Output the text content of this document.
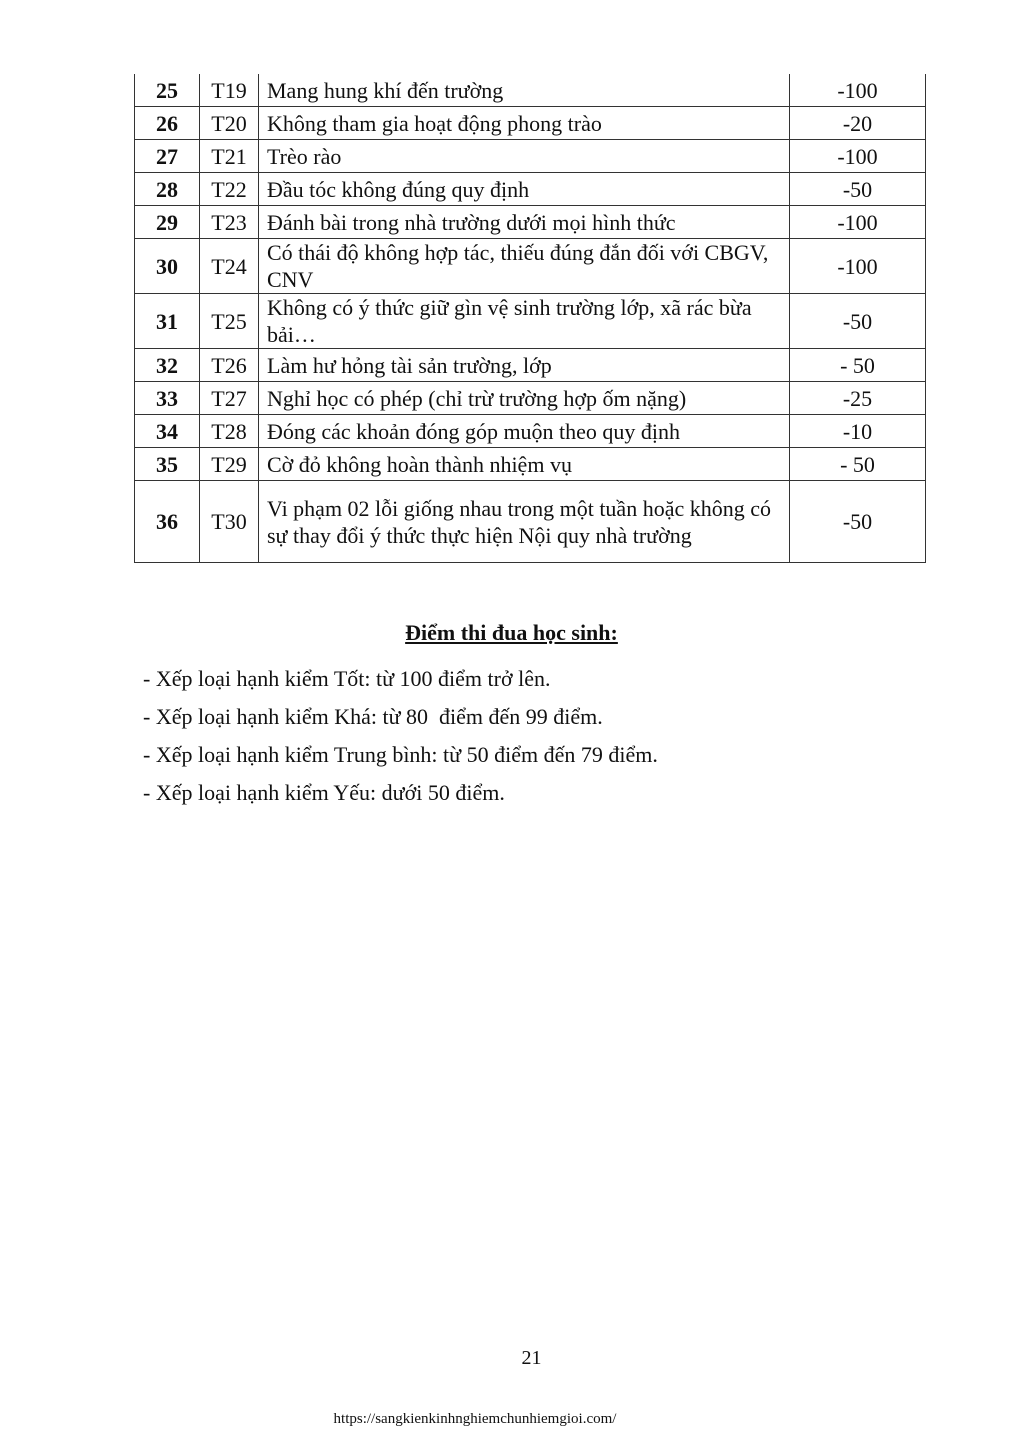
25	T19	Mang hung khí đến trường	-100
26	T20	Không tham gia hoạt động phong trào	-20
27	T21	Trèo rào	-100
28	T22	Đầu tóc không đúng quy định	-50
29	T23	Đánh bài trong nhà trường dưới mọi hình thức	-100
30	T24	Có thái độ không hợp tác, thiếu đúng đắn đối với CBGV, CNV	-100
31	T25	Không có ý thức giữ gìn vệ sinh trường lớp, xã rác bừa bải…	-50
32	T26	Làm hư hỏng tài sản trường, lớp	- 50
33	T27	Nghỉ học có phép (chỉ trừ trường hợp ốm nặng)	-25
34	T28	Đóng các khoản đóng góp muộn theo quy định	-10
35	T29	Cờ đỏ không hoàn thành nhiệm vụ	- 50
36	T30	Vi phạm 02 lỗi giống nhau trong một tuần hoặc không có sự thay đổi ý thức thực hiện Nội quy nhà trường	-50
Điểm thi đua học sinh:
- Xếp loại hạnh kiểm Tốt: từ 100 điểm trở lên.
- Xếp loại hạnh kiểm Khá: từ 80  điểm đến 99 điểm.
- Xếp loại hạnh kiểm Trung bình: từ 50 điểm đến 79 điểm.
- Xếp loại hạnh kiểm Yếu: dưới 50 điểm.
21
https://sangkienkinhnghiemchunhiemgioi.com/
